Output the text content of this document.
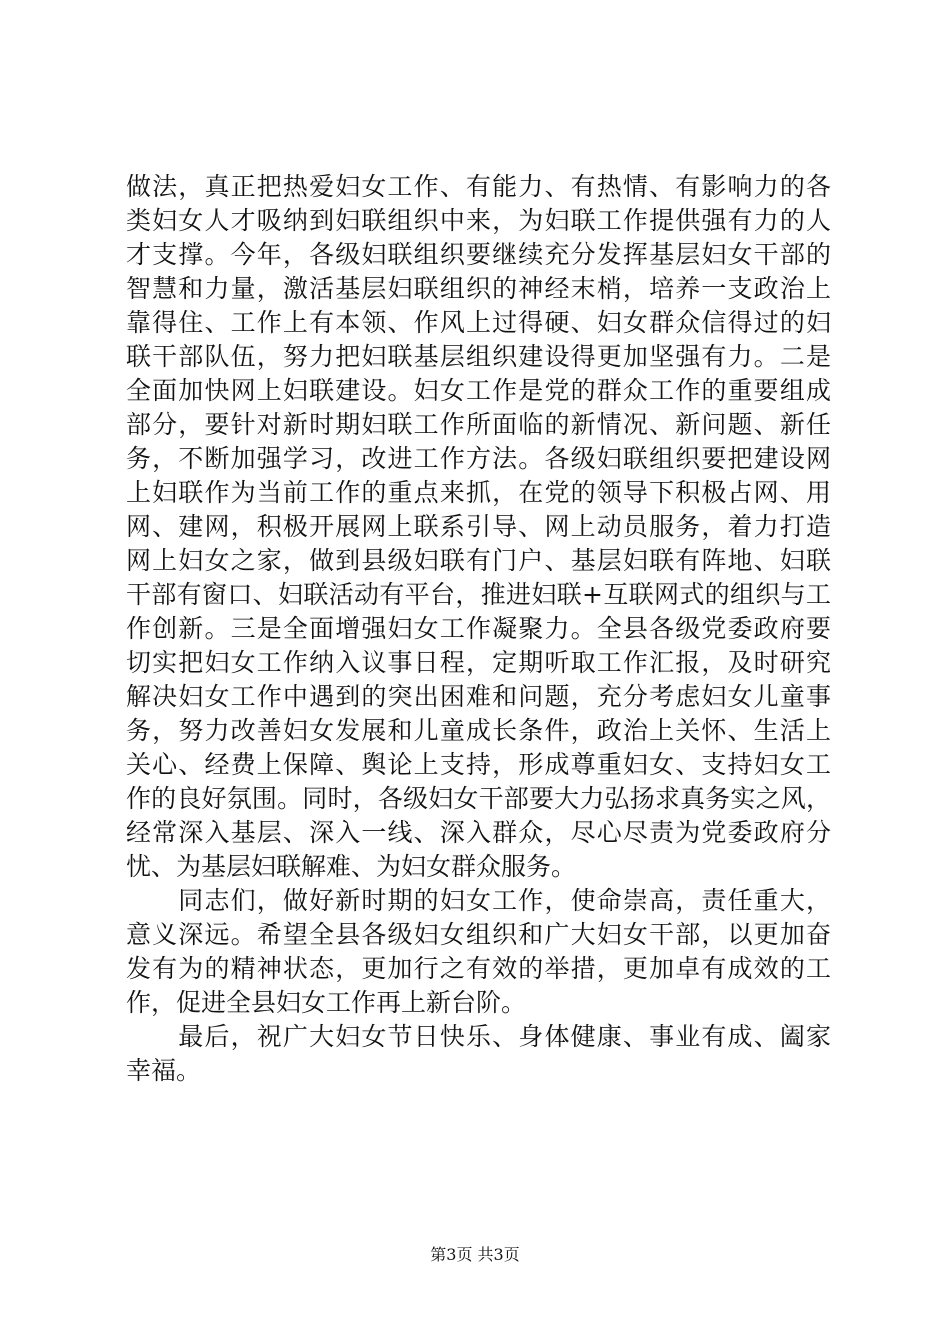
做法，真正把热爱妇女工作、有能力、有热情、有影响力的各
类妇女人才吸纳到妇联组织中来，为妇联工作提供强有力的人
才支撑。今年，各级妇联组织要继续充分发挥基层妇女干部的
智慧和力量，激活基层妇联组织的神经末梢，培养一支政治上
靠得住、工作上有本领、作风上过得硬、妇女群众信得过的妇
联干部队伍，努力把妇联基层组织建设得更加坚强有力。二是
全面加快网上妇联建设。妇女工作是党的群众工作的重要组成
部分，要针对新时期妇联工作所面临的新情况、新问题、新任
务，不断加强学习，改进工作方法。各级妇联组织要把建设网
上妇联作为当前工作的重点来抓，在党的领导下积极占网、用
网、建网，积极开展网上联系引导、网上动员服务，着力打造
网上妇女之家，做到县级妇联有门户、基层妇联有阵地、妇联
干部有窗口、妇联活动有平台，推进妇联+互联网式的组织与工
作创新。三是全面增强妇女工作凝聚力。全县各级党委政府要
切实把妇女工作纳入议事日程，定期听取工作汇报，及时研究
解决妇女工作中遇到的突出困难和问题，充分考虑妇女儿童事
务，努力改善妇女发展和儿童成长条件，政治上关怀、生活上
关心、经费上保障、舆论上支持，形成尊重妇女、支持妇女工
作的良好氛围。同时，各级妇女干部要大力弘扬求真务实之风，
经常深入基层、深入一线、深入群众，尽心尽责为党委政府分
忧、为基层妇联解难、为妇女群众服务。
　　同志们，做好新时期的妇女工作，使命崇高，责任重大，
意义深远。希望全县各级妇女组织和广大妇女干部，以更加奋
发有为的精神状态，更加行之有效的举措，更加卓有成效的工
作，促进全县妇女工作再上新台阶。
　　最后，祝广大妇女节日快乐、身体健康、事业有成、阖家
幸福。
第3页 共3页
